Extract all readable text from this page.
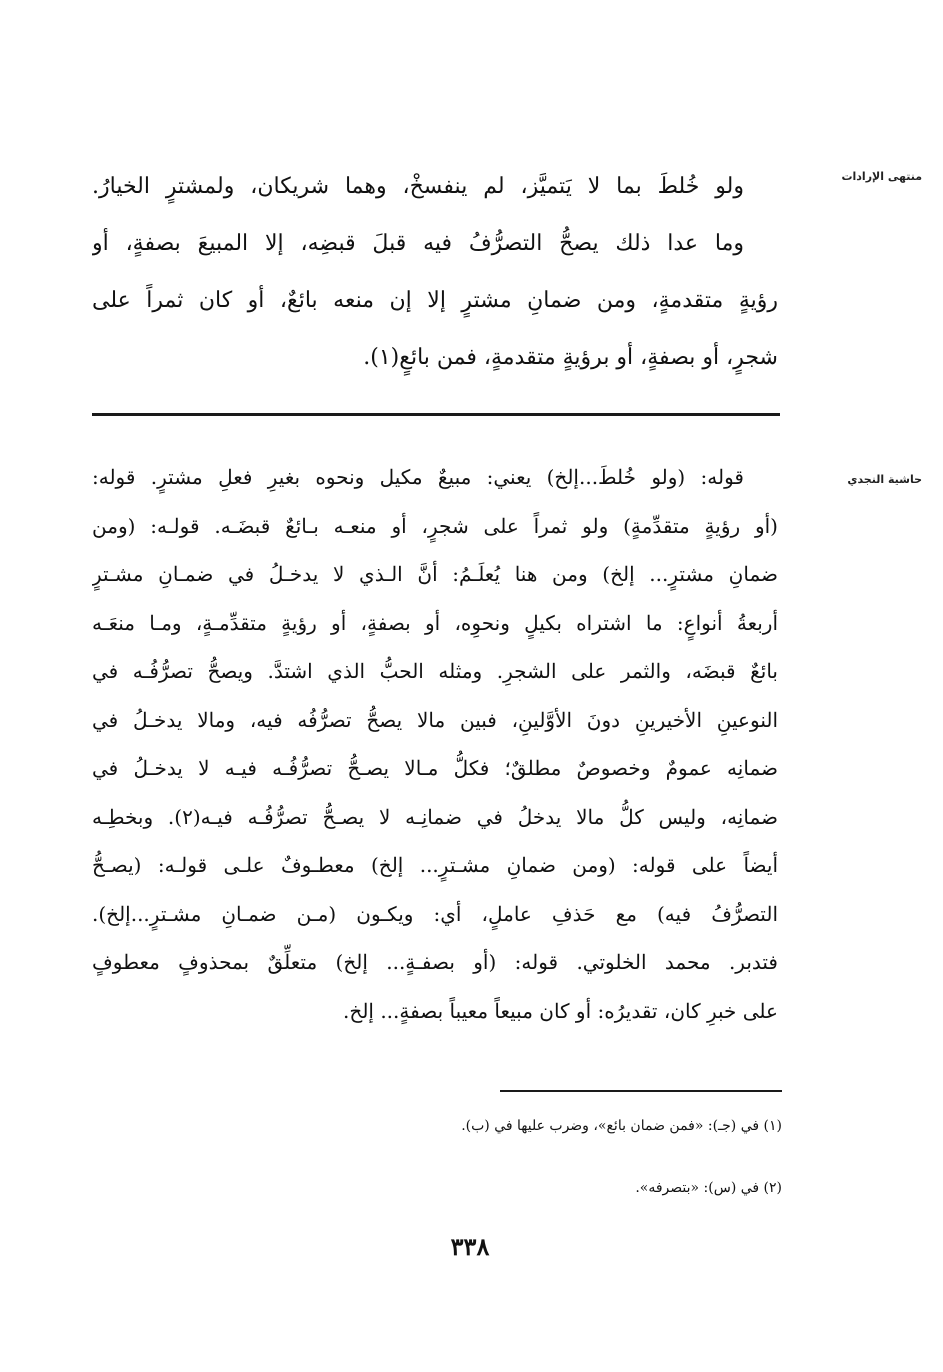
منتهى الإرادات
ولو خُلطَ بما لا يَتميَّز، لم ينفسخْ، وهما شريكان، ولمشترٍ الخيارُ.
وما عدا ذلك يصحُّ التصرُّفُ فيه قبلَ قبضِه، إلا المبيعَ بصفةٍ، أو
رؤيةٍ متقدمةٍ، ومن ضمانِ مشترٍ إلا إن منعه بائعٌ، أو كان ثمراً على
شجرٍ، أو بصفةٍ، أو برؤيةٍ متقدمةٍ، فمن بائعٍ(١).
حاشية النجدي
قوله: (ولو خُلطَ...إلخ) يعني: مبيعٌ مكيل ونحوه بغيرِ فعلِ مشترٍ. قوله:
(أو رؤيةٍ متقدِّمةٍ) ولو ثمراً على شجرٍ، أو منعـه بـائعٌ قبضَـه. قولـه: (ومن
ضمانِ مشترٍ... إلخ) ومن هنا يُعلَـمُ: أنَّ الـذي لا يدخـلُ في ضمـانِ مشـترٍ
أربعةُ أنواعٍ: ما اشتراه بكيلٍ ونحوِه، أو بصفةٍ، أو رؤيةٍ متقدِّمـةٍ، ومـا منعَـه
بائعٌ قبضَه، والثمر على الشجرِ. ومثله الحبُّ الذي اشتدَّ. ويصحُّ تصرُّفُـه في
النوعينِ الأخيرينِ دونَ الأوَّلينِ، فبين مالا يصحُّ تصرُّفُه فيه، ومالا يدخـلُ في
ضمانِه عمومٌ وخصوصٌ مطلقٌ؛ فكلُّ مـالا يصـحُّ تصرُّفُـه فيـه لا يدخـلُ في
ضمانِه، وليس كلُّ مالا يدخلُ في ضمانِـه لا يصـحُّ تصرُّفُـه فيـه(٢). وبخطِـه
أيضاً على قوله: (ومن ضمانِ مشـترٍ... إلخ) معطـوفٌ علـى قولـه: (يصـحُّ
التصرُّفُ فيه) مع حَذفِ عاملٍ، أي: ويكـون (مـن ضمـانِ مشـترٍ...إلخ).
فتدبر. محمد الخلوتي. قوله: (أو بصفـةٍ... إلخ) متعلِّقٌ بمحذوفٍ معطوفٍ
على خبرِ كان، تقديرُه: أو كان مبيعاً معيباً بصفةٍ... إلخ.
(١) في (جـ): «فمن ضمان بائع»، وضرب عليها في (ب).
(٢) في (س): «بتصرفه».
٣٣٨
